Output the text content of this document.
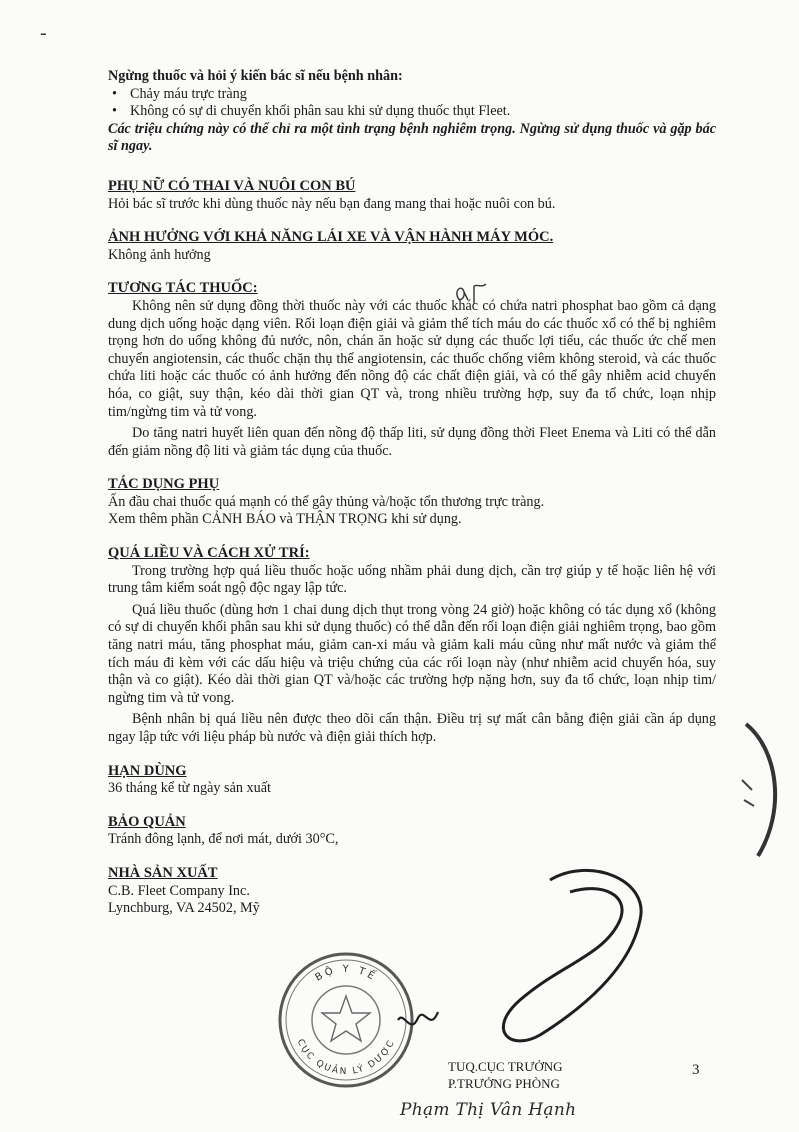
-

Ngừng thuốc và hỏi ý kiến bác sĩ nếu bệnh nhân:

• Chảy máu trực tràng
• Không có sự di chuyển khối phân sau khi sử dụng thuốc thụt Fleet.

Các triệu chứng này có thể chỉ ra một tình trạng bệnh nghiêm trọng. Ngừng sử dụng thuốc và gặp bác sĩ ngay.

PHỤ NỮ CÓ THAI VÀ NUÔI CON BÚ

Hỏi bác sĩ trước khi dùng thuốc này nếu bạn đang mang thai hoặc nuôi con bú.

ẢNH HƯỞNG VỚI KHẢ NĂNG LÁI XE VÀ VẬN HÀNH MÁY MÓC.

Không ảnh hưởng

TƯƠNG TÁC THUỐC:

Không nên sử dụng đồng thời thuốc này với các thuốc khác có chứa natri phosphat bao gồm cả dạng dung dịch uống hoặc dạng viên. Rối loạn điện giải và giảm thể tích máu do các thuốc xổ có thể bị nghiêm trọng hơn do uống không đủ nước, nôn, chán ăn hoặc sử dụng các thuốc lợi tiểu, các thuốc ức chế men chuyển angiotensin, các thuốc chặn thụ thể angiotensin, các thuốc chống viêm không steroid, và các thuốc chứa liti hoặc các thuốc có ảnh hưởng đến nồng độ các chất điện giải, và có thể gây nhiễm acid chuyển hóa, co giật, suy thận, kéo dài thời gian QT và, trong nhiều trường hợp, suy đa tổ chức, loạn nhịp tim/ngừng tim và tử vong.

Do tăng natri huyết liên quan đến nồng độ thấp liti, sử dụng đồng thời Fleet Enema và Liti có thể dẫn đến giảm nồng độ liti và giảm tác dụng của thuốc.

TÁC DỤNG PHỤ

Ấn đầu chai thuốc quá mạnh có thể gây thủng và/hoặc tổn thương trực tràng.

Xem thêm phần CẢNH BÁO và THẬN TRỌNG khi sử dụng.

QUÁ LIỀU VÀ CÁCH XỬ TRÍ:

Trong trường hợp quá liều thuốc hoặc uống nhầm phải dung dịch, cần trợ giúp y tế hoặc liên hệ với trung tâm kiểm soát ngộ độc ngay lập tức.

Quá liều thuốc (dùng hơn 1 chai dung dịch thụt trong vòng 24 giờ) hoặc không có tác dụng xổ (không có sự di chuyển khối phân sau khi sử dụng thuốc) có thể dẫn đến rối loạn điện giải nghiêm trọng, bao gồm tăng natri máu, tăng phosphat máu, giảm can-xi máu và giảm kali máu cũng như mất nước và giảm thể tích máu đi kèm với các dấu hiệu và triệu chứng của các rối loạn này (như nhiễm acid chuyển hóa, suy thận và co giật). Kéo dài thời gian QT và/hoặc các trường hợp nặng hơn, suy đa tổ chức, loạn nhịp tim/ ngừng tim và tử vong.

Bệnh nhân bị quá liều nên được theo dõi cẩn thận. Điều trị sự mất cân bằng điện giải cần áp dụng ngay lập tức với liệu pháp bù nước và điện giải thích hợp.

HẠN DÙNG

36 tháng kể từ ngày sản xuất

BẢO QUẢN

Tránh đông lạnh, để nơi mát, dưới 30°C,

NHÀ SẢN XUẤT

C.B. Fleet Company Inc.

Lynchburg, VA 24502, Mỹ

BỘ Y TẾ
CỤC QUẢN LÝ DƯỢC
TUQ.CỤC TRƯỞNG
P.TRƯỞNG PHÒNG
Phạm Thị Vân Hạnh
3
